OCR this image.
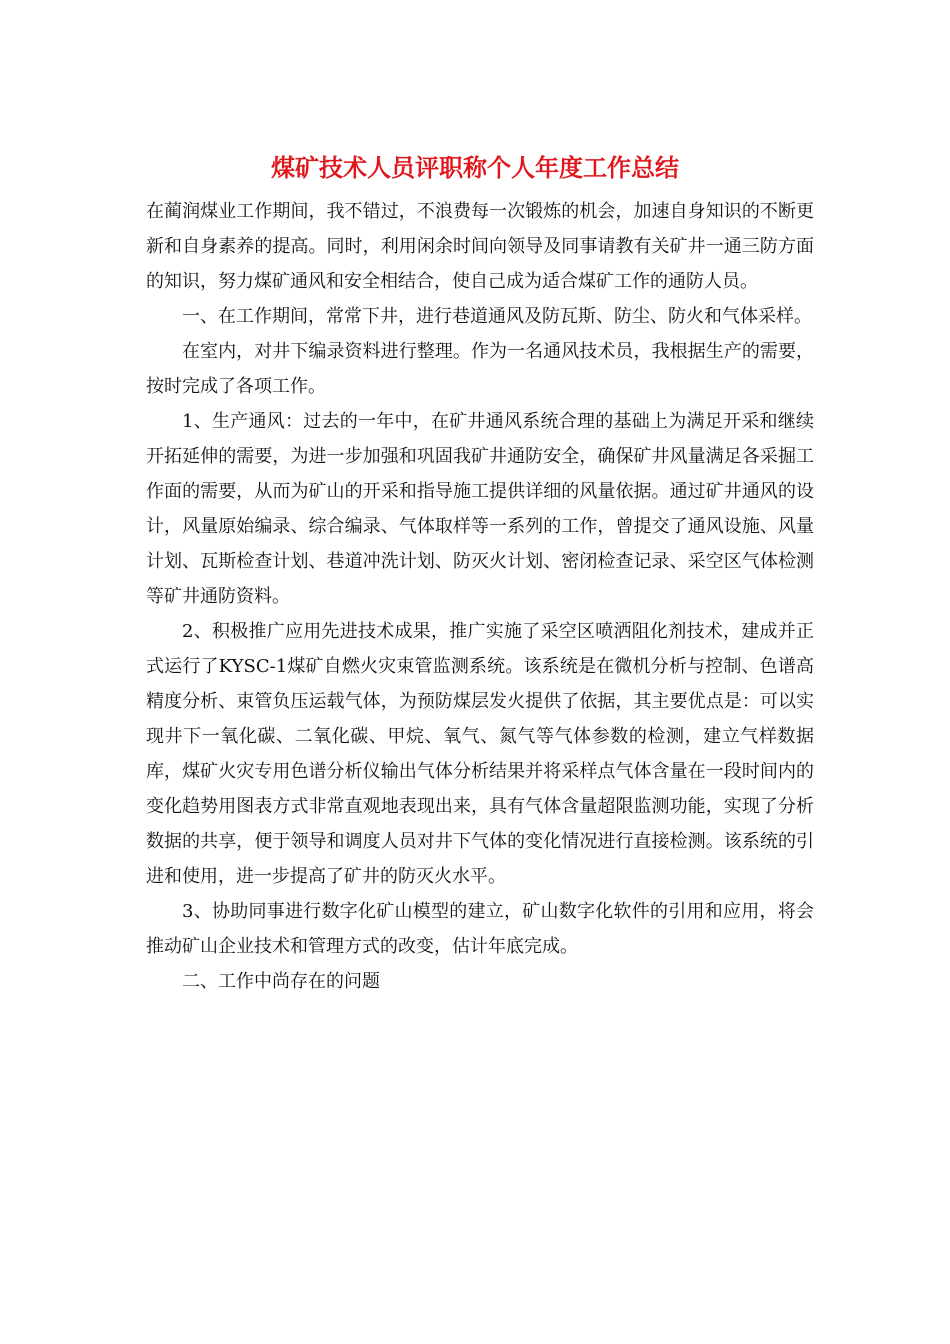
煤矿技术人员评职称个人年度工作总结

在蔺润煤业工作期间，我不错过，不浪费每一次锻炼的机会，加速自身知识的不断更新和自身素养的提高。同时，利用闲余时间向领导及同事请教有关矿井一通三防方面的知识，努力煤矿通风和安全相结合，使自己成为适合煤矿工作的通防人员。

一、在工作期间，常常下井，进行巷道通风及防瓦斯、防尘、防火和气体采样。

在室内，对井下编录资料进行整理。作为一名通风技术员，我根据生产的需要，按时完成了各项工作。

1、生产通风：过去的一年中，在矿井通风系统合理的基础上为满足开采和继续开拓延伸的需要，为进一步加强和巩固我矿井通防安全，确保矿井风量满足各采掘工作面的需要，从而为矿山的开采和指导施工提供详细的风量依据。通过矿井通风的设计，风量原始编录、综合编录、气体取样等一系列的工作，曾提交了通风设施、风量计划、瓦斯检查计划、巷道冲洗计划、防灭火计划、密闭检查记录、采空区气体检测等矿井通防资料。

2、积极推广应用先进技术成果，推广实施了采空区喷洒阻化剂技术，建成并正式运行了KYSC-1煤矿自燃火灾束管监测系统。该系统是在微机分析与控制、色谱高精度分析、束管负压运载气体，为预防煤层发火提供了依据，其主要优点是：可以实现井下一氧化碳、二氧化碳、甲烷、氧气、氮气等气体参数的检测，建立气样数据库，煤矿火灾专用色谱分析仪输出气体分析结果并将采样点气体含量在一段时间内的变化趋势用图表方式非常直观地表现出来，具有气体含量超限监测功能，实现了分析数据的共享，便于领导和调度人员对井下气体的变化情况进行直接检测。该系统的引进和使用，进一步提高了矿井的防灭火水平。

3、协助同事进行数字化矿山模型的建立，矿山数字化软件的引用和应用，将会推动矿山企业技术和管理方式的改变，估计年底完成。

二、工作中尚存在的问题
